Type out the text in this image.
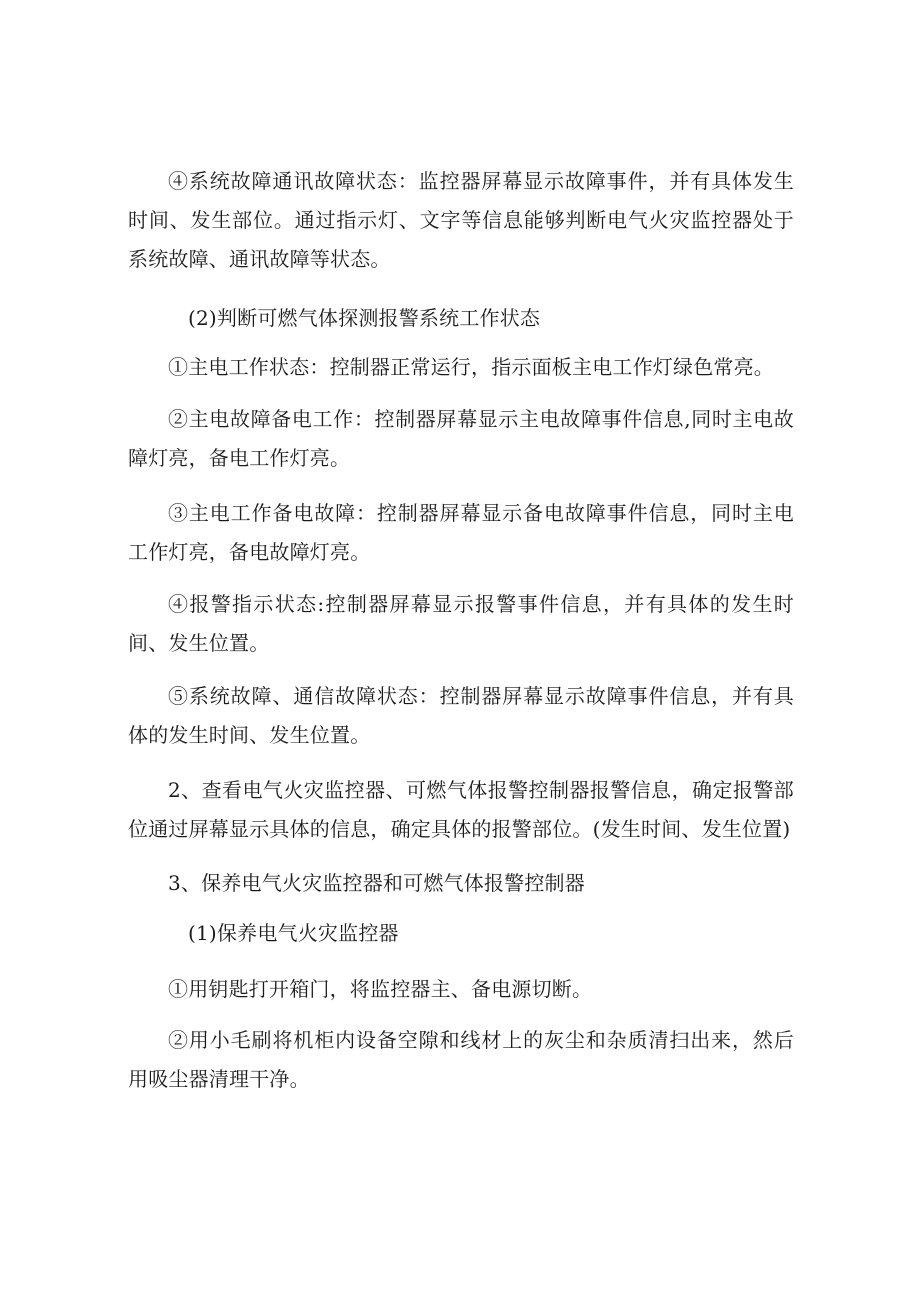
④系统故障通讯故障状态：监控器屏幕显示故障事件，并有具体发生时间、发生部位。通过指示灯、文字等信息能够判断电气火灾监控器处于系统故障、通讯故障等状态。

(2)判断可燃气体探测报警系统工作状态

①主电工作状态：控制器正常运行，指示面板主电工作灯绿色常亮。

②主电故障备电工作：控制器屏幕显示主电故障事件信息,同时主电故障灯亮，备电工作灯亮。

③主电工作备电故障：控制器屏幕显示备电故障事件信息，同时主电工作灯亮，备电故障灯亮。

④报警指示状态:控制器屏幕显示报警事件信息，并有具体的发生时间、发生位置。

⑤系统故障、通信故障状态：控制器屏幕显示故障事件信息，并有具体的发生时间、发生位置。

2、查看电气火灾监控器、可燃气体报警控制器报警信息，确定报警部位通过屏幕显示具体的信息，确定具体的报警部位。(发生时间、发生位置)

3、保养电气火灾监控器和可燃气体报警控制器

(1)保养电气火灾监控器

①用钥匙打开箱门，将监控器主、备电源切断。

②用小毛刷将机柜内设备空隙和线材上的灰尘和杂质清扫出来，然后用吸尘器清理干净。
